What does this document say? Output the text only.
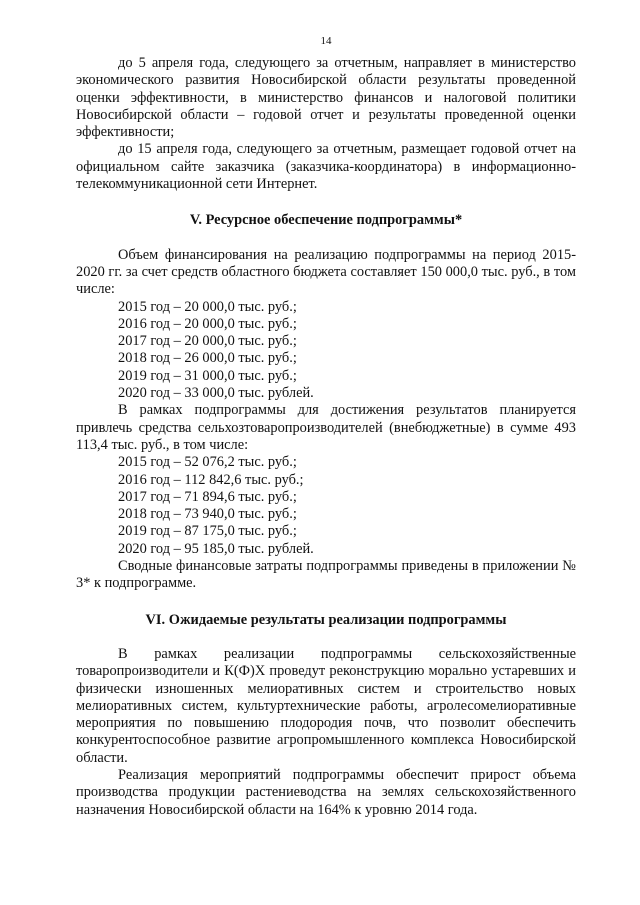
14

до 5 апреля года, следующего за отчетным, направляет в министерство экономического развития Новосибирской области результаты проведенной оценки эффективности, в министерство финансов и налоговой политики Новосибирской области – годовой отчет и результаты проведенной оценки эффективности;

до 15 апреля года, следующего за отчетным, размещает годовой отчет на официальном сайте заказчика (заказчика-координатора) в информационно-телекоммуникационной сети Интернет.

V. Ресурсное обеспечение подпрограммы*

Объем финансирования на реализацию подпрограммы на период 2015-2020 гг. за счет средств областного бюджета составляет 150 000,0 тыс. руб., в том числе:

2015 год – 20 000,0 тыс. руб.;
2016 год – 20 000,0 тыс. руб.;
2017 год – 20 000,0 тыс. руб.;
2018 год – 26 000,0 тыс. руб.;
2019 год – 31 000,0 тыс. руб.;
2020 год – 33 000,0 тыс. рублей.

В рамках подпрограммы для достижения результатов планируется привлечь средства сельхозтоваропроизводителей (внебюджетные) в сумме 493 113,4 тыс. руб., в том числе:

2015 год – 52 076,2 тыс. руб.;
2016 год – 112 842,6 тыс. руб.;
2017 год – 71 894,6 тыс. руб.;
2018 год – 73 940,0 тыс. руб.;
2019 год – 87 175,0 тыс. руб.;
2020 год – 95 185,0 тыс. рублей.

Сводные финансовые затраты подпрограммы приведены в приложении № 3* к подпрограмме.

VI. Ожидаемые результаты реализации подпрограммы

В рамках реализации подпрограммы сельскохозяйственные товаропроизводители и К(Ф)Х проведут реконструкцию морально устаревших и физически изношенных мелиоративных систем и строительство новых мелиоративных систем, культуртехнические работы, агролесомелиоративные мероприятия по повышению плодородия почв, что позволит обеспечить конкурентоспособное развитие агропромышленного комплекса Новосибирской области.

Реализация мероприятий подпрограммы обеспечит прирост объема производства продукции растениеводства на землях сельскохозяйственного назначения Новосибирской области на 164% к уровню 2014 года.
